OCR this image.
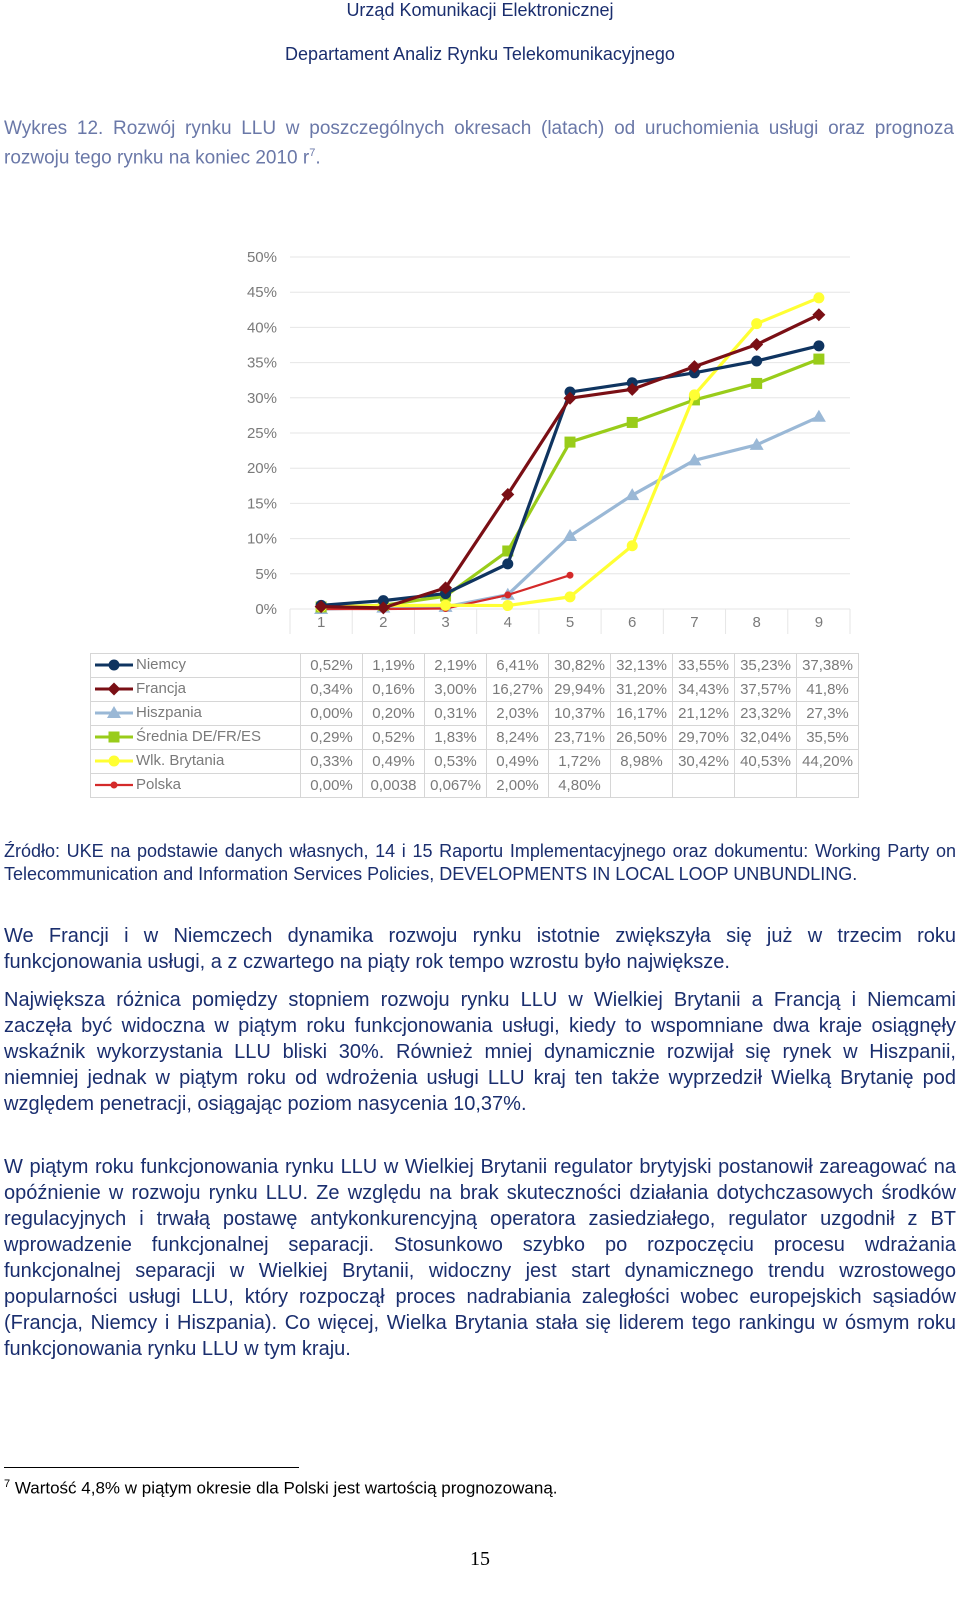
Urząd Komunikacji Elektronicznej
Departament Analiz Rynku Telekomunikacyjnego
Wykres 12. Rozwój rynku LLU w poszczególnych okresach (latach) od uruchomienia usługi oraz prognoza rozwoju tego rynku na koniec 2010 $r^7$.
0%
5%
10%
15%
20%
25%
30%
35%
40%
45%
50%
1	2	3	4	5	6	7	8	9
Niemcy	0,52%	1,19%	2,19%	6,41%	30,82%	32,13%	33,55%	35,23%	37,38%

Francja	0,34%	0,16%	3,00%	16,27%	29,94%	31,20%	34,43%	37,57%	41,8%

Hiszpania	0,00%	0,20%	0,31%	2,03%	10,37%	16,17%	21,12%	23,32%	27,3%

Średnia DE/FR/ES	0,29%	0,52%	1,83%	8,24%	23,71%	26,50%	29,70%	32,04%	35,5%

Wlk. Brytania	0,33%	0,49%	0,53%	0,49%	1,72%	8,98%	30,42%	40,53%	44,20%

Polska	0,00%	0,0038	0,067%	2,00%	4,80%				
Źródło: UKE na podstawie danych własnych, 14 i 15 Raportu Implementacyjnego oraz dokumentu: Working Party on Telecommunication and Information Services Policies, DEVELOPMENTS IN LOCAL LOOP UNBUNDLING.
We Francji i w Niemczech dynamika rozwoju rynku istotnie zwiększyła się już w trzecim roku funkcjonowania usługi, a z czwartego na piąty rok tempo wzrostu było największe.
Największa różnica pomiędzy stopniem rozwoju rynku LLU w Wielkiej Brytanii a Francją i Niemcami zaczęła być widoczna w piątym roku funkcjonowania usługi, kiedy to wspomniane dwa kraje osiągnęły wskaźnik wykorzystania LLU bliski 30%. Również mniej dynamicznie rozwijał się rynek w Hiszpanii, niemniej jednak w piątym roku od wdrożenia usługi LLU kraj ten także wyprzedził Wielką Brytanię pod względem penetracji, osiągając poziom nasycenia 10,37%.
W piątym roku funkcjonowania rynku LLU w Wielkiej Brytanii regulator brytyjski postanowił zareagować na opóźnienie w rozwoju rynku LLU. Ze względu na brak skuteczności działania dotychczasowych środków regulacyjnych i trwałą postawę antykonkurencyjną operatora zasiedziałego, regulator uzgodnił z BT wprowadzenie funkcjonalnej separacji. Stosunkowo szybko po rozpoczęciu procesu wdrażania funkcjonalnej separacji w Wielkiej Brytanii, widoczny jest start dynamicznego trendu wzrostowego popularności usługi LLU, który rozpoczął proces nadrabiania zaległości wobec europejskich sąsiadów (Francja, Niemcy i Hiszpania). Co więcej, Wielka Brytania stała się liderem tego rankingu w ósmym roku funkcjonowania rynku LLU w tym kraju.
$^7$ Wartość 4,8% w piątym okresie dla Polski jest wartością prognozowaną.
15
